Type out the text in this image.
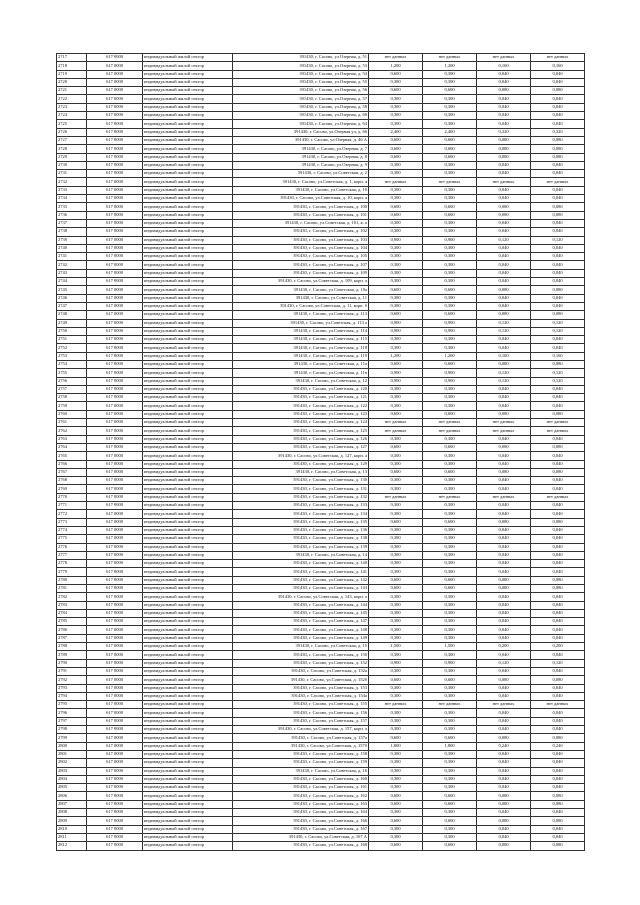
2717	617 0000	индивидуальный жилой сектор	391430, г. Сасово, ул.Озерная, д. 51	нет данных	нет данных	нет данных	нет данных
2718	617 0000	индивидуальный жилой сектор	391430, г. Сасово, ул.Озерная, д. 53	1,200	1,200	0,160	0,160
2719	617 0000	индивидуальный жилой сектор	391430, г. Сасово, ул.Озерная, д. 54	0,600	0,300	0,040	0,040
2720	617 0000	индивидуальный жилой сектор	391430, г. Сасово, ул.Озерная, д. 55	0,300	0,300	0,040	0,040
2721	617 0000	индивидуальный жилой сектор	391430, г. Сасово, ул.Озерная, д. 56	0,600	0,600	0,080	0,080
2722	617 0000	индивидуальный жилой сектор	391430, г. Сасово, ул.Озерная, д. 57	0,300	0,300	0,040	0,040
2723	617 0000	индивидуальный жилой сектор	391430, г. Сасово, ул.Озерная, д. 58	0,300	0,300	0,040	0,040
2724	617 0000	индивидуальный жилой сектор	391430, г. Сасово, ул.Озерная, д. 60	0,300	0,300	0,040	0,040
2725	617 0000	индивидуальный жилой сектор	391430, г. Сасово, ул.Озерная, д. 64	0,300	0,300	0,040	0,040
2726	617 0000	индивидуальный жилой сектор	391430, г. Сасово, ул.Озерная ул, д. 66	2,400	2,400	0,320	0,320
2727	617 0000	индивидуальный жилой сектор	391430, г. Сасово, ул.Озерная, д. 46 А	0,600	0,600	0,080	0,080
2728	617 0000	индивидуальный жилой сектор	391430, г. Сасово, ул.Озерная, д. 7	0,600	0,600	0,080	0,080
2729	617 0000	индивидуальный жилой сектор	391430, г. Сасово, ул.Озерная, д. 8	0,600	0,600	0,080	0,080
2730	617 0000	индивидуальный жилой сектор	391430, г. Сасово, ул.Озерная, д. 9	0,300	0,300	0,040	0,040
2731	617 0000	индивидуальный жилой сектор	391430, г. Сасово, ул.Советская, д. 2	0,300	0,300	0,040	0,040
2732	617 0000	индивидуальный жилой сектор	391430, г. Сасово, ул.Советская, д. 1, корп. а	нет данных	нет данных	нет данных	нет данных
2733	617 0000	индивидуальный жилой сектор	391430, г. Сасово, ул.Советская, д. 10	0,300	0,300	0,040	0,040
2734	617 0000	индивидуальный жилой сектор	391430, г. Сасово, ул.Советская, д. 10, корп. а	0,300	0,300	0,040	0,040
2735	617 0000	индивидуальный жилой сектор	391430, г. Сасово, ул.Советская, д. 100	0,600	0,600	0,080	0,080
2736	617 0000	индивидуальный жилой сектор	391430, г. Сасово, ул.Советская, д. 101	0,600	0,600	0,080	0,080
2737	617 0000	индивидуальный жилой сектор	391430, г. Сасово, ул.Советская, д. 101, к. а	0,300	0,300	0,040	0,040
2738	617 0000	индивидуальный жилой сектор	391430, г. Сасово, ул.Советская, д. 102	0,300	0,300	0,040	0,040
2739	617 0000	индивидуальный жилой сектор	391430, г. Сасово, ул.Советская, д. 103	0,900	0,900	0,120	0,120
2740	617 0000	индивидуальный жилой сектор	391430, г. Сасово, ул.Советская, д. 104	0,300	0,300	0,040	0,040
2741	617 0000	индивидуальный жилой сектор	391430, г. Сасово, ул.Советская, д. 105	0,300	0,300	0,040	0,040
2742	617 0000	индивидуальный жилой сектор	391430, г. Сасово, ул.Советская, д. 107	0,300	0,300	0,040	0,040
2743	617 0000	индивидуальный жилой сектор	391430, г. Сасово, ул.Советская, д. 109	0,300	0,300	0,040	0,040
2744	617 0000	индивидуальный жилой сектор	391430, г. Сасово, ул.Советская, д. 109, корп. а	0,300	0,300	0,040	0,040
2745	617 0000	индивидуальный жилой сектор	391430, г. Сасово, ул.Советская, д. 10а	0,600	0,600	0,080	0,080
2746	617 0000	индивидуальный жилой сектор	391430, г. Сасово, ул.Советская, д. 11	0,300	0,300	0,040	0,040
2747	617 0000	индивидуальный жилой сектор	391430, г. Сасово, ул.Советская, д. 11, корп. б	0,300	0,300	0,040	0,040
2748	617 0000	индивидуальный жилой сектор	391430, г. Сасово, ул.Советская, д. 113	0,600	0,600	0,080	0,080
2749	617 0000	индивидуальный жилой сектор	391430, г. Сасово, ул.Советская, д. 113 а	0,900	0,900	0,120	0,120
2750	617 0000	индивидуальный жилой сектор	391430, г. Сасово, ул.Советская, д. 114	0,900	0,900	0,120	0,120
2751	617 0000	индивидуальный жилой сектор	391430, г. Сасово, ул.Советская, д. 115	0,300	0,300	0,040	0,040
2752	617 0000	индивидуальный жилой сектор	391430, г. Сасово, ул.Советская, д. 118	0,300	0,300	0,040	0,040
2753	617 0000	индивидуальный жилой сектор	391430, г. Сасово, ул.Советская, д. 119	1,200	1,200	0,160	0,160
2754	617 0000	индивидуальный жилой сектор	391430, г. Сасово, ул.Советская, д. 11а	0,600	0,600	0,080	0,080
2755	617 0000	индивидуальный жилой сектор	391430, г. Сасово, ул.Советская, д. 11в	0,900	0,900	0,120	0,120
2756	617 0000	индивидуальный жилой сектор	391430, г. Сасово, ул.Советская, д. 12	0,900	0,900	0,120	0,120
2757	617 0000	индивидуальный жилой сектор	391430, г. Сасово, ул.Советская, д. 120	0,300	0,300	0,040	0,040
2758	617 0000	индивидуальный жилой сектор	391430, г. Сасово, ул.Советская, д. 121	0,300	0,300	0,040	0,040
2759	617 0000	индивидуальный жилой сектор	391430, г. Сасово, ул.Советская, д. 122	0,300	0,300	0,040	0,040
2760	617 0000	индивидуальный жилой сектор	391430, г. Сасово, ул.Советская, д. 123	0,600	0,600	0,080	0,080
2761	617 0000	индивидуальный жилой сектор	391430, г. Сасово, ул.Советская, д. 124	нет данных	нет данных	нет данных	нет данных
2762	617 0000	индивидуальный жилой сектор	391430, г. Сасово, ул.Советская, д. 125	нет данных	нет данных	нет данных	нет данных
2763	617 0000	индивидуальный жилой сектор	391430, г. Сасово, ул.Советская, д. 126	0,300	0,300	0,040	0,040
2764	617 0000	индивидуальный жилой сектор	391430, г. Сасово, ул.Советская, д. 127	0,600	0,600	0,080	0,080
2765	617 0000	индивидуальный жилой сектор	391430, г. Сасово, ул.Советская, д. 127, корп. а	0,300	0,300	0,040	0,040
2766	617 0000	индивидуальный жилой сектор	391430, г. Сасово, ул.Советская, д. 129	0,300	0,300	0,040	0,040
2767	617 0000	индивидуальный жилой сектор	391430, г. Сасово, ул.Советская, д. 13	0,600	0,600	0,080	0,080
2768	617 0000	индивидуальный жилой сектор	391430, г. Сасово, ул.Советская, д. 130	0,300	0,300	0,040	0,040
2769	617 0000	индивидуальный жилой сектор	391430, г. Сасово, ул.Советская, д. 131	0,300	0,300	0,040	0,040
2770	617 0000	индивидуальный жилой сектор	391430, г. Сасово, ул.Советская, д. 132	нет данных	нет данных	нет данных	нет данных
2771	617 0000	индивидуальный жилой сектор	391430, г. Сасово, ул.Советская, д. 133	0,300	0,300	0,040	0,040
2772	617 0000	индивидуальный жилой сектор	391430, г. Сасово, ул.Советская, д. 134	0,300	0,300	0,040	0,040
2773	617 0000	индивидуальный жилой сектор	391430, г. Сасово, ул.Советская, д. 135	0,600	0,600	0,080	0,080
2774	617 0000	индивидуальный жилой сектор	391430, г. Сасово, ул.Советская, д. 136	0,300	0,300	0,040	0,040
2775	617 0000	индивидуальный жилой сектор	391430, г. Сасово, ул.Советская, д. 138	0,300	0,300	0,040	0,040
2776	617 0000	индивидуальный жилой сектор	391430, г. Сасово, ул.Советская, д. 139	0,300	0,300	0,040	0,040
2777	617 0000	индивидуальный жилой сектор	391430, г. Сасово, ул.Советская, д. 14	0,300	0,300	0,040	0,040
2778	617 0000	индивидуальный жилой сектор	391430, г. Сасово, ул.Советская, д. 140	0,300	0,300	0,040	0,040
2779	617 0000	индивидуальный жилой сектор	391430, г. Сасово, ул.Советская, д. 141	0,300	0,300	0,040	0,040
2780	617 0000	индивидуальный жилой сектор	391430, г. Сасово, ул.Советская, д. 142	0,600	0,600	0,080	0,080
2781	617 0000	индивидуальный жилой сектор	391430, г. Сасово, ул.Советская, д. 143	0,600	0,600	0,080	0,080
2782	617 0000	индивидуальный жилой сектор	391430, г. Сасово, ул.Советская, д. 143, корп. а	0,300	0,300	0,040	0,040
2783	617 0000	индивидуальный жилой сектор	391430, г. Сасово, ул.Советская, д. 144	0,300	0,300	0,040	0,040
2784	617 0000	индивидуальный жилой сектор	391430, г. Сасово, ул.Советская, д. 145	0,300	0,300	0,040	0,040
2785	617 0000	индивидуальный жилой сектор	391430, г. Сасово, ул.Советская, д. 147	0,300	0,300	0,040	0,040
2786	617 0000	индивидуальный жилой сектор	391430, г. Сасово, ул.Советская, д. 148	0,300	0,300	0,040	0,040
2787	617 0000	индивидуальный жилой сектор	391430, г. Сасово, ул.Советская, д. 149	0,300	0,300	0,040	0,040
2788	617 0000	индивидуальный жилой сектор	391430, г. Сасово, ул.Советская, д. 15	1,500	1,500	0,200	0,200
2789	617 0000	индивидуальный жилой сектор	391430, г. Сасово, ул.Советская, д. 150	0,300	0,300	0,040	0,040
2790	617 0000	индивидуальный жилой сектор	391430, г. Сасово, ул.Советская, д. 152	0,900	0,900	0,120	0,120
2791	617 0000	индивидуальный жилой сектор	391430, г. Сасово, ул.Советская, д. 152а	0,300	0,300	0,040	0,040
2792	617 0000	индивидуальный жилой сектор	391430, г. Сасово, ул.Советская, д. 152б	0,600	0,600	0,080	0,080
2793	617 0000	индивидуальный жилой сектор	391430, г. Сасово, ул.Советская, д. 153	0,300	0,300	0,040	0,040
2794	617 0000	индивидуальный жилой сектор	391430, г. Сасово, ул.Советская, д. 154а	0,300	0,300	0,040	0,040
2795	617 0000	индивидуальный жилой сектор	391430, г. Сасово, ул.Советская, д. 155	нет данных	нет данных	нет данных	нет данных
2796	617 0000	индивидуальный жилой сектор	391430, г. Сасово, ул.Советская, д. 156	0,300	0,300	0,040	0,040
2797	617 0000	индивидуальный жилой сектор	391430, г. Сасово, ул.Советская, д. 157	0,300	0,300	0,040	0,040
2798	617 0000	индивидуальный жилой сектор	391430, г. Сасово, ул.Советская, д. 157, корп. а	0,300	0,300	0,040	0,040
2799	617 0000	индивидуальный жилой сектор	391430, г. Сасово, ул.Советская, д. 157а	0,600	0,600	0,080	0,080
2800	617 0000	индивидуальный жилой сектор	391430, г. Сасово, ул.Советская, д. 157б	1,800	1,800	0,240	0,240
2801	617 0000	индивидуальный жилой сектор	391430, г. Сасово, ул.Советская, д. 158	0,300	0,300	0,040	0,040
2802	617 0000	индивидуальный жилой сектор	391430, г. Сасово, ул.Советская, д. 159	0,300	0,300	0,040	0,040
2803	617 0000	индивидуальный жилой сектор	391430, г. Сасово, ул.Советская, д. 16	0,300	0,300	0,040	0,040
2804	617 0000	индивидуальный жилой сектор	391430, г. Сасово, ул.Советская, д. 160	0,300	0,300	0,040	0,040
2805	617 0000	индивидуальный жилой сектор	391430, г. Сасово, ул.Советская, д. 161	0,300	0,300	0,040	0,040
2806	617 0000	индивидуальный жилой сектор	391430, г. Сасово, ул.Советская, д. 162	0,600	0,600	0,080	0,080
2807	617 0000	индивидуальный жилой сектор	391430, г. Сасово, ул.Советская, д. 163	0,600	0,600	0,080	0,080
2808	617 0000	индивидуальный жилой сектор	391430, г. Сасово, ул.Советская, д. 164	0,300	0,300	0,040	0,040
2809	617 0000	индивидуальный жилой сектор	391430, г. Сасово, ул.Советская, д. 166	0,600	0,600	0,080	0,080
2810	617 0000	индивидуальный жилой сектор	391430, г. Сасово, ул.Советская, д. 167	0,300	0,300	0,040	0,040
2811	617 0000	индивидуальный жилой сектор	391430, г. Сасово, ул.Советская, д. 167 А	0,300	0,300	0,040	0,040
2812	617 0000	индивидуальный жилой сектор	391430, г. Сасово, ул.Советская, д. 168	0,600	0,600	0,080	0,080
